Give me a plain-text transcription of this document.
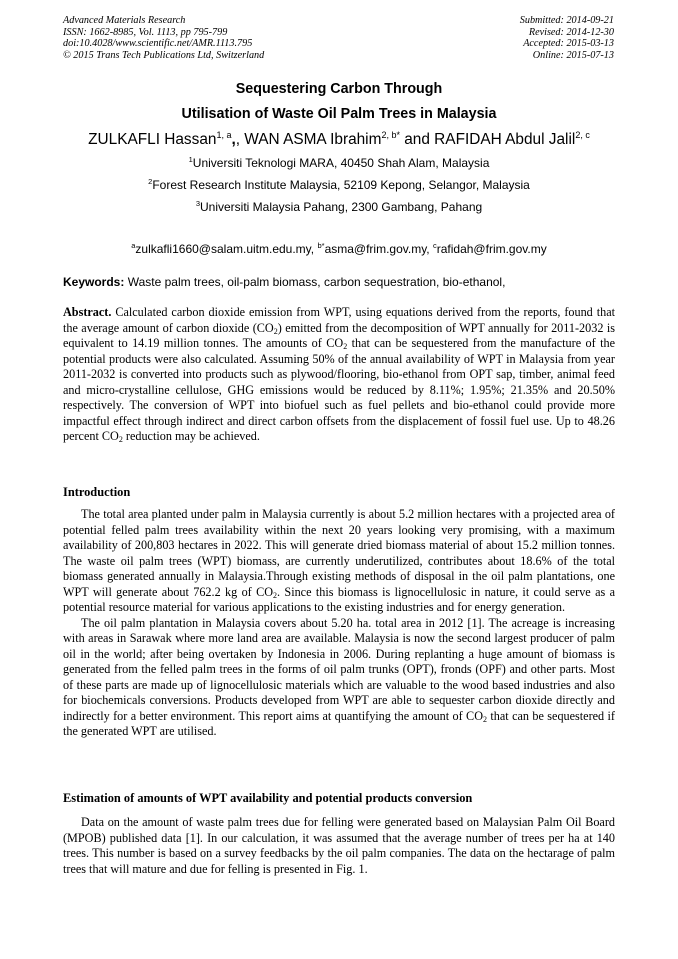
Advanced Materials Research
ISSN: 1662-8985, Vol. 1113, pp 795-799
doi:10.4028/www.scientific.net/AMR.1113.795
© 2015 Trans Tech Publications Ltd, Switzerland
Submitted: 2014-09-21
Revised: 2014-12-30
Accepted: 2015-03-13
Online: 2015-07-13
Sequestering Carbon Through
Utilisation of Waste Oil Palm Trees in Malaysia
ZULKAFLI Hassan$^{1, a}$,, WAN ASMA Ibrahim$^{2, b*}$ and RAFIDAH Abdul Jalil$^{2, c}$
$^1$Universiti Teknologi MARA, 40450 Shah Alam, Malaysia
$^2$Forest Research Institute Malaysia, 52109 Kepong, Selangor, Malaysia
$^3$Universiti Malaysia Pahang, 2300 Gambang, Pahang
$^a$zulkafli1660@salam.uitm.edu.my, $^{b*}$asma@frim.gov.my, $^c$rafidah@frim.gov.my
Keywords: Waste palm trees, oil-palm biomass, carbon sequestration, bio-ethanol,
Abstract. Calculated carbon dioxide emission from WPT, using equations derived from the reports, found that the average amount of carbon dioxide $(CO_2)$ emitted from the decomposition of WPT annually for 2011-2032 is equivalent to 14.19 million tonnes. The amounts of $CO_2$ that can be sequestered from the manufacture of the potential products were also calculated. Assuming 50% of the annual availability of WPT in Malaysia from year 2011-2032 is converted into products such as plywood/flooring, bio-ethanol from OPT sap, timber, animal feed and micro-crystalline cellulose, GHG emissions would be reduced by 8.11%; 1.95%; 21.35% and 20.50% respectively. The conversion of WPT into biofuel such as fuel pellets and bio-ethanol could provide more impactful effect through indirect and direct carbon offsets from the displacement of fossil fuel use. Up to 48.26 percent $CO_2$ reduction may be achieved.
Introduction

The total area planted under palm in Malaysia currently is about 5.2 million hectares with a projected area of potential felled palm trees availability within the next 20 years looking very promising, with a maximum availability of 200,803 hectares in 2022. This will generate dried biomass material of about 15.2 million tonnes. The waste oil palm trees (WPT) biomass, are currently underutilized, contributes about 18.6% of the total biomass generated annually in Malaysia.Through existing methods of disposal in the oil palm plantations, one WPT will generate about 762.2 kg of $CO_2$. Since this biomass is lignocellulosic in nature, it could serve as a potential resource material for various applications to the existing industries and for energy generation.

The oil palm plantation in Malaysia covers about 5.20 ha. total area in 2012 [1]. The acreage is increasing with areas in Sarawak where more land area are available. Malaysia is now the second largest producer of palm oil in the world; after being overtaken by Indonesia in 2006. During replanting a huge amount of biomass is generated from the felled palm trees in the forms of oil palm trunks (OPT), fronds (OPF) and other parts. Most of these parts are made up of lignocellulosic materials which are valuable to the wood based industries and also for biochemicals conversions. Products developed from WPT are able to sequester carbon dioxide directly and indirectly for a better environment. This report aims at quantifying the amount of $CO_2$ that can be sequestered if the generated WPT are utilised.

Estimation of amounts of WPT availability and potential products conversion

Data on the amount of waste palm trees due for felling were generated based on Malaysian Palm Oil Board (MPOB) published data [1]. In our calculation, it was assumed that the average number of trees per ha at 140 trees. This number is based on a survey feedbacks by the oil palm companies. The data on the hectarage of palm trees that will mature and due for felling is presented in Fig. 1.
